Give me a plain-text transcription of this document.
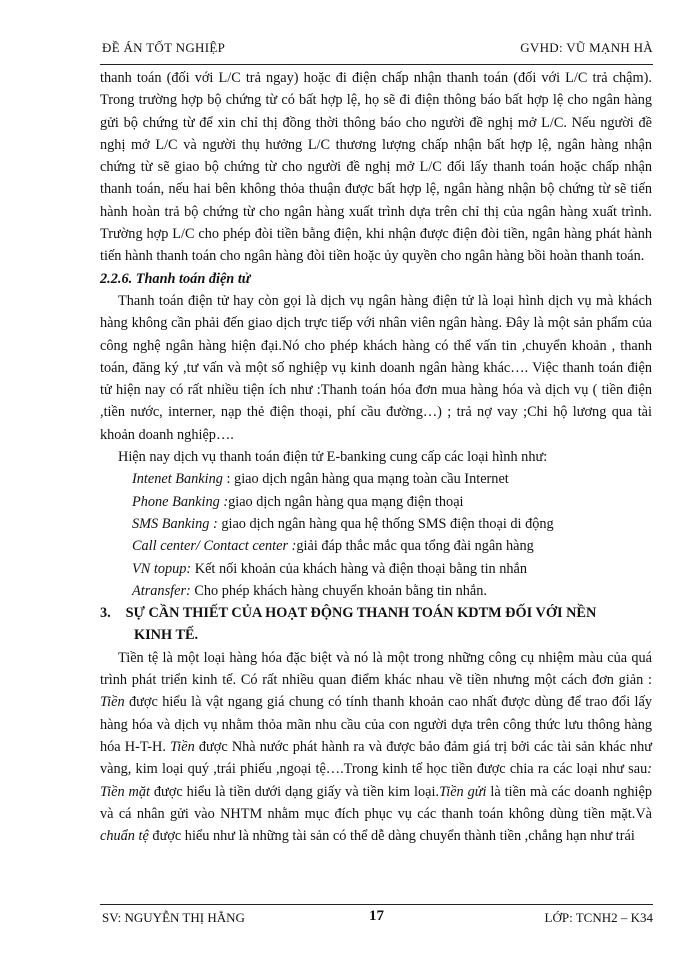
ĐỀ ÁN TỐT NGHIỆP	GVHD: VŨ MẠNH HÀ

thanh toán (đối với L/C trả ngay) hoặc đi điện chấp nhận thanh toán (đối với L/C trả chậm). Trong trường hợp bộ chứng từ có bất hợp lệ, họ sẽ đi điện thông báo bất hợp lệ cho ngân hàng gửi bộ chứng từ để xin chỉ thị đồng thời thông báo cho người đề nghị mở L/C. Nếu người đề nghị mở L/C và người thụ hưởng L/C thương lượng chấp nhận bất hợp lệ, ngân hàng nhận chứng từ sẽ giao bộ chứng từ cho người đề nghị mở L/C đối lấy thanh toán hoặc chấp nhận thanh toán, nếu hai bên không thỏa thuận được bất hợp lệ, ngân hàng nhận bộ chứng từ sẽ tiến hành hoàn trả bộ chứng từ cho ngân hàng xuất trình dựa trên chỉ thị của ngân hàng xuất trình. Trường hợp L/C cho phép đòi tiền bằng điện, khi nhận được điện đòi tiền, ngân hàng phát hành tiến hành thanh toán cho ngân hàng đòi tiền hoặc ủy quyền cho ngân hàng bồi hoàn thanh toán.

2.2.6. Thanh toán điện tử

Thanh toán điện tử hay còn gọi là dịch vụ ngân hàng điện tử là loại hình dịch vụ mà khách hàng không cần phải đến giao dịch trực tiếp với nhân viên ngân hàng. Đây là một sản phẩm của công nghệ ngân hàng hiện đại.Nó cho phép khách hàng có thể vấn tin ,chuyển khoản , thanh toán, đăng ký ,tư vấn và một số nghiệp vụ kinh doanh ngân hàng khác…. Việc thanh toán điện tử hiện nay có rất nhiều tiện ích như :Thanh toán hóa đơn mua hàng hóa và dịch vụ ( tiền điện ,tiền nước, interner, nạp thẻ điện thoại, phí cầu đường…) ; trả nợ vay ;Chi hộ lương qua tài khoản doanh nghiệp….

Hiện nay dịch vụ thanh toán điện tử E-banking cung cấp các loại hình như:

Intenet Banking : giao dịch ngân hàng qua mạng toàn cầu Internet
Phone Banking :giao dịch ngân hàng qua mạng điện thoại
SMS Banking : giao dịch ngân hàng qua hệ thống SMS điện thoại di động
Call center/ Contact center :giải đáp thắc mắc qua tổng đài ngân hàng
VN topup: Kết nối khoản của khách hàng và điện thoại bằng tin nhắn
Atransfer: Cho phép khách hàng chuyển khoản bằng tin nhắn.
3. SỰ CẦN THIẾT CỦA HOẠT ĐỘNG THANH TOÁN KDTM ĐỐI VỚI NỀN
KINH TẾ.

Tiền tệ là một loại hàng hóa đặc biệt và nó là một trong những công cụ nhiệm màu của quá trình phát triển kinh tế. Có rất nhiều quan điểm khác nhau về tiền nhưng một cách đơn giản : Tiền được hiểu là vật ngang giá chung có tính thanh khoản cao nhất được dùng để trao đổi lấy hàng hóa và dịch vụ nhằm thỏa mãn nhu cầu của con người dựa trên công thức lưu thông hàng hóa H-T-H. Tiền được Nhà nước phát hành ra và được bảo đảm giá trị bởi các tài sản khác như vàng, kim loại quý ,trái phiếu ,ngoại tệ….Trong kinh tế học tiền được chia ra các loại như sau: Tiền mặt được hiểu là tiền dưới dạng giấy và tiền kim loại.Tiền gửi là tiền mà các doanh nghiệp và cá nhân gửi vào NHTM nhằm mục đích phục vụ các thanh toán không dùng tiền mặt.Và chuẩn tệ được hiểu như là những tài sản có thể dễ dàng chuyển thành tiền ,chẳng hạn như trái

SV: NGUYỄN THỊ HẰNG	17	LỚP: TCNH2 – K34
